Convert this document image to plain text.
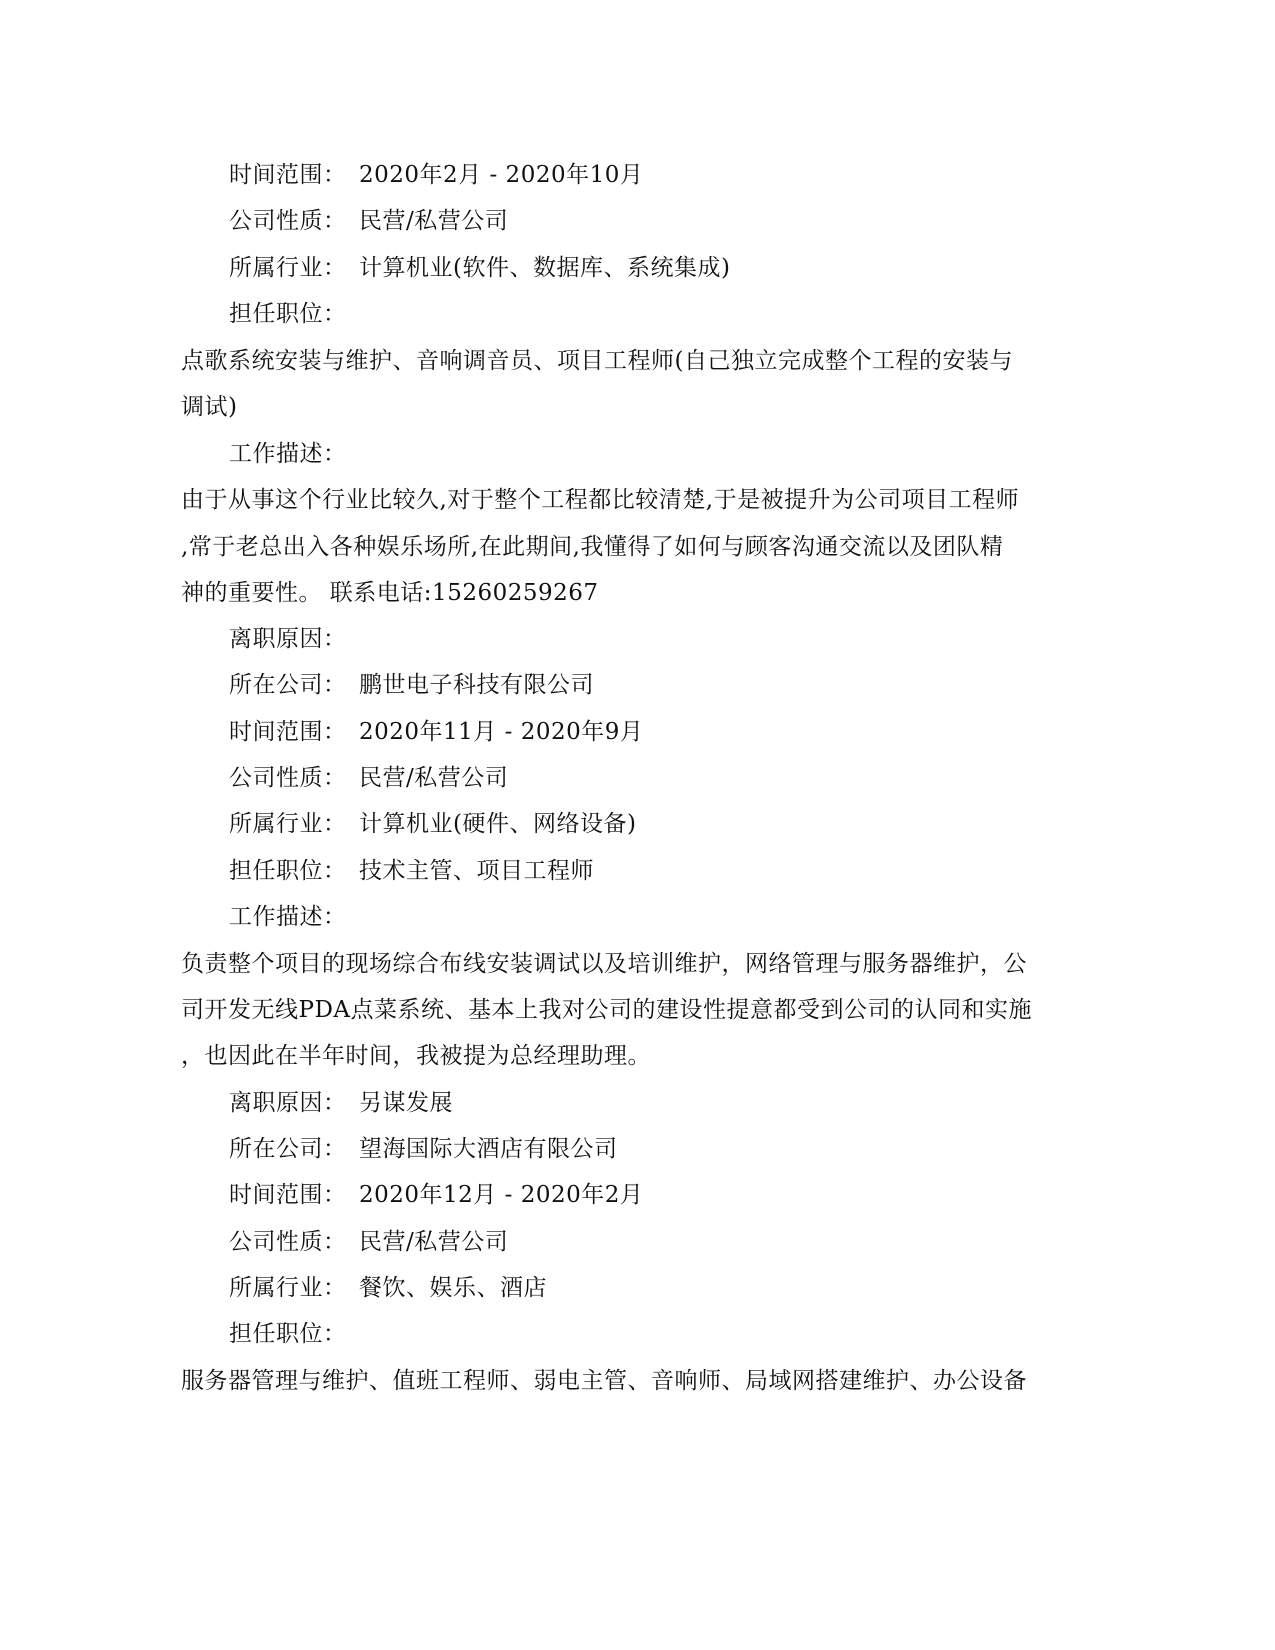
时间范围： 2020年2月 - 2020年10月
公司性质： 民营/私营公司
所属行业： 计算机业(软件、数据库、系统集成)
担任职位：
点歌系统安装与维护、音响调音员、项目工程师(自己独立完成整个工程的安装与
调试)
工作描述：
由于从事这个行业比较久,对于整个工程都比较清楚,于是被提升为公司项目工程师
,常于老总出入各种娱乐场所,在此期间,我懂得了如何与顾客沟通交流以及团队精
神的重要性。 联系电话:15260259267
离职原因：
所在公司： 鹏世电子科技有限公司
时间范围： 2020年11月 - 2020年9月
公司性质： 民营/私营公司
所属行业： 计算机业(硬件、网络设备)
担任职位： 技术主管、项目工程师
工作描述：
负责整个项目的现场综合布线安装调试以及培训维护，网络管理与服务器维护，公
司开发无线PDA点菜系统、基本上我对公司的建设性提意都受到公司的认同和实施
，也因此在半年时间，我被提为总经理助理。
离职原因： 另谋发展
所在公司： 望海国际大酒店有限公司
时间范围： 2020年12月 - 2020年2月
公司性质： 民营/私营公司
所属行业： 餐饮、娱乐、酒店
担任职位：
服务器管理与维护、值班工程师、弱电主管、音响师、局域网搭建维护、办公设备
